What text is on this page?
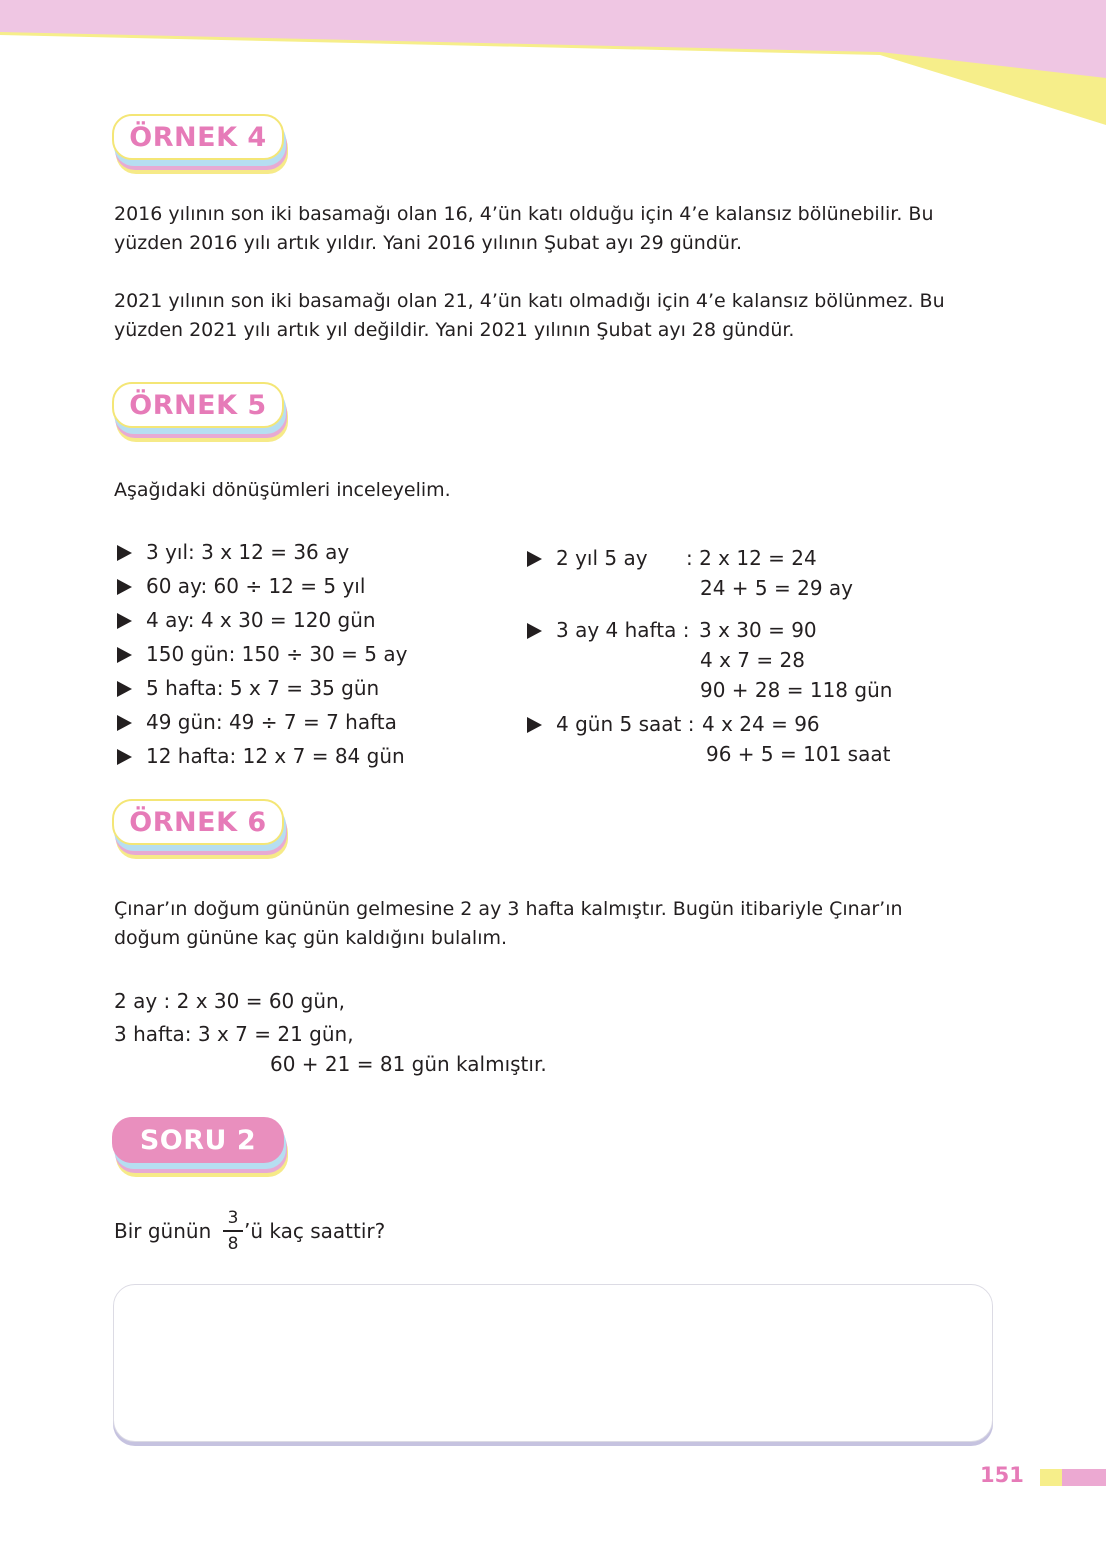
ÖRNEK 4

2016 yılının son iki basamağı olan 16, 4’ün katı olduğu için 4’e kalansız bölünebilir. Bu
yüzden 2016 yılı artık yıldır. Yani 2016 yılının Şubat ayı 29 gündür.

2021 yılının son iki basamağı olan 21, 4’ün katı olmadığı için 4’e kalansız bölünmez. Bu
yüzden 2021 yılı artık yıl değildir. Yani 2021 yılının Şubat ayı 28 gündür.

ÖRNEK 5
Aşağıdaki dönüşümleri inceleyelim.
3 yıl: 3 x 12 = 36 ay
60 ay: 60 ÷ 12 = 5 yıl
4 ay: 4 x 30 = 120 gün
150 gün: 150 ÷ 30 = 5 ay
5 hafta: 5 x 7 = 35 gün
49 gün: 49 ÷ 7 = 7 hafta
12 hafta: 12 x 7 = 84 gün
2 yıl 5 ay : 2 x 12 = 24
24 + 5 = 29 ay
3 ay 4 hafta : 3 x 30 = 90
4 x 7 = 28
90 + 28 = 118 gün
4 gün 5 saat : 4 x 24 = 96
96 + 5 = 101 saat
ÖRNEK 6

Çınar’ın doğum gününün gelmesine 2 ay 3 hafta kalmıştır. Bugün itibariyle Çınar’ın
doğum gününe kaç gün kaldığını bulalım.

2 ay : 2 x 30 = 60 gün,
3 hafta: 3 x 7 = 21 gün,
60 + 21 = 81 gün kalmıştır.
SORU 2
Bir günün
3
8
’ü kaç saattir?
151
